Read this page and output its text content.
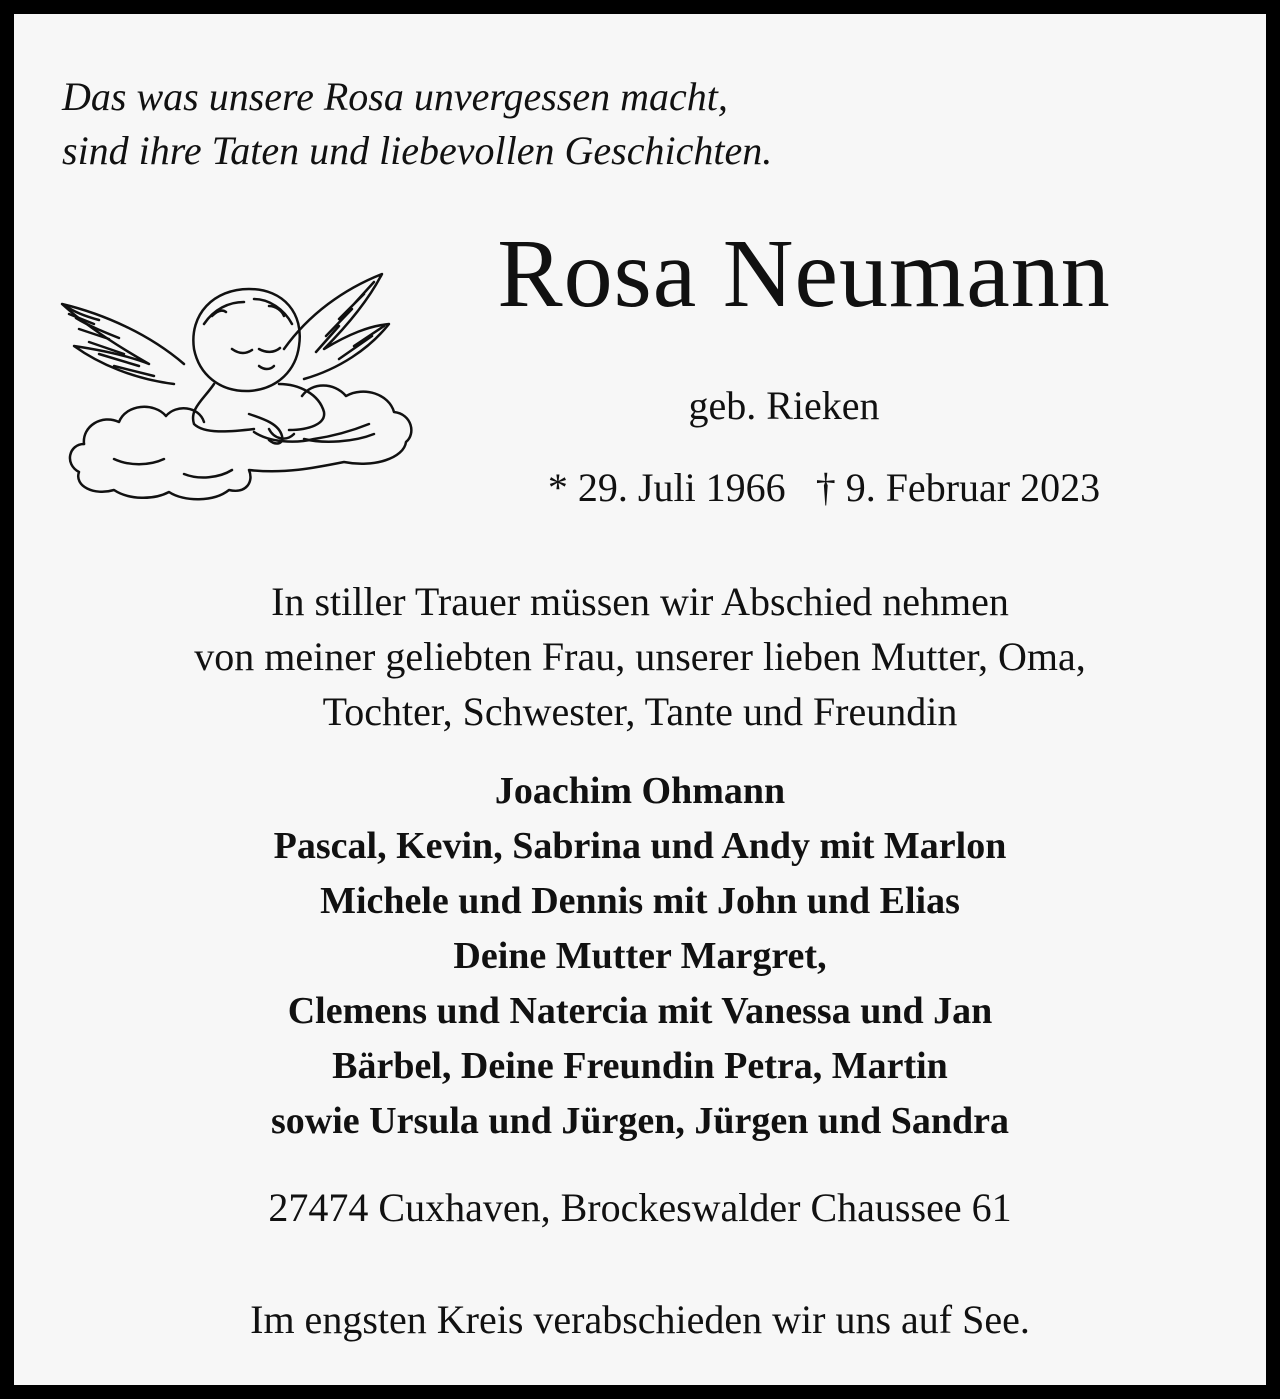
Das was unsere Rosa unvergessen macht,
sind ihre Taten und liebevollen Geschichten.
Rosa Neumann
geb. Rieken
* 29. Juli 1966 † 9. Februar 2023
In stiller Trauer müssen wir Abschied nehmen
von meiner geliebten Frau, unserer lieben Mutter, Oma,
Tochter, Schwester, Tante und Freundin
Joachim Ohmann
Pascal, Kevin, Sabrina und Andy mit Marlon
Michele und Dennis mit John und Elias
Deine Mutter Margret,
Clemens und Natercia mit Vanessa und Jan
Bärbel, Deine Freundin Petra, Martin
sowie Ursula und Jürgen, Jürgen und Sandra
27474 Cuxhaven, Brockeswalder Chaussee 61
Im engsten Kreis verabschieden wir uns auf See.
